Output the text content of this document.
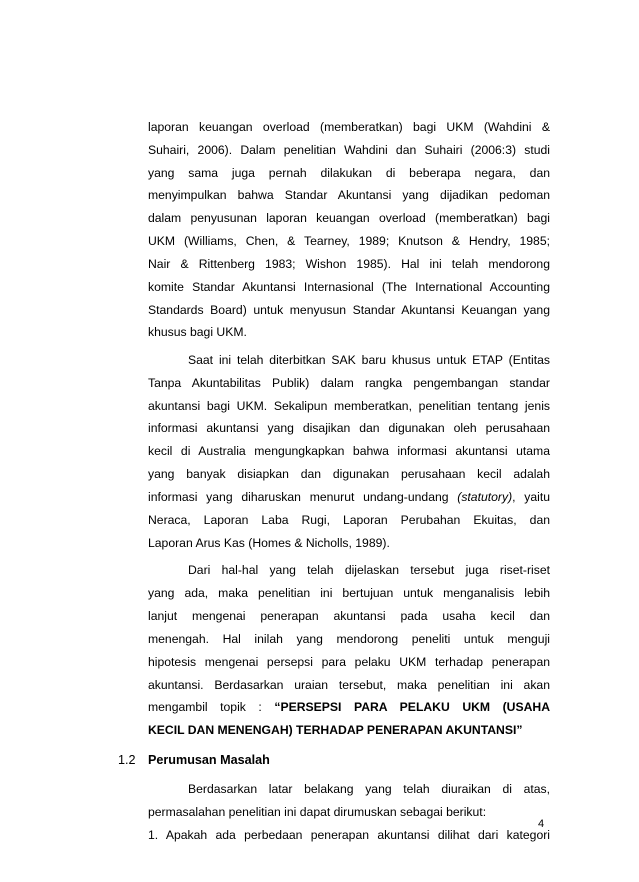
laporan keuangan overload (memberatkan) bagi UKM (Wahdini &
Suhairi, 2006). Dalam penelitian Wahdini dan Suhairi (2006:3) studi
yang sama juga pernah dilakukan di beberapa negara, dan
menyimpulkan bahwa Standar Akuntansi yang dijadikan pedoman
dalam penyusunan laporan keuangan overload (memberatkan) bagi
UKM (Williams, Chen, & Tearney, 1989; Knutson & Hendry, 1985;
Nair & Rittenberg 1983; Wishon 1985). Hal ini telah mendorong
komite Standar Akuntansi Internasional (The International Accounting
Standards Board) untuk menyusun Standar Akuntansi Keuangan yang
khusus bagi UKM.
Saat ini telah diterbitkan SAK baru khusus untuk ETAP (Entitas
Tanpa Akuntabilitas Publik) dalam rangka pengembangan standar
akuntansi bagi UKM. Sekalipun memberatkan, penelitian tentang jenis
informasi akuntansi yang disajikan dan digunakan oleh perusahaan
kecil di Australia mengungkapkan bahwa informasi akuntansi utama
yang banyak disiapkan dan digunakan perusahaan kecil adalah
informasi yang diharuskan menurut undang-undang (statutory), yaitu
Neraca, Laporan Laba Rugi, Laporan Perubahan Ekuitas, dan
Laporan Arus Kas (Homes & Nicholls, 1989).
Dari hal-hal yang telah dijelaskan tersebut juga riset-riset
yang ada, maka penelitian ini bertujuan untuk menganalisis lebih
lanjut mengenai penerapan akuntansi pada usaha kecil dan
menengah. Hal inilah yang mendorong peneliti untuk menguji
hipotesis mengenai persepsi para pelaku UKM terhadap penerapan
akuntansi. Berdasarkan uraian tersebut, maka penelitian ini akan
mengambil topik : “PERSEPSI PARA PELAKU UKM (USAHA
KECIL DAN MENENGAH) TERHADAP PENERAPAN AKUNTANSI”
1.2 Perumusan Masalah
Berdasarkan latar belakang yang telah diuraikan di atas,
permasalahan penelitian ini dapat dirumuskan sebagai berikut:
1. Apakah ada perbedaan penerapan akuntansi dilihat dari kategori
4
